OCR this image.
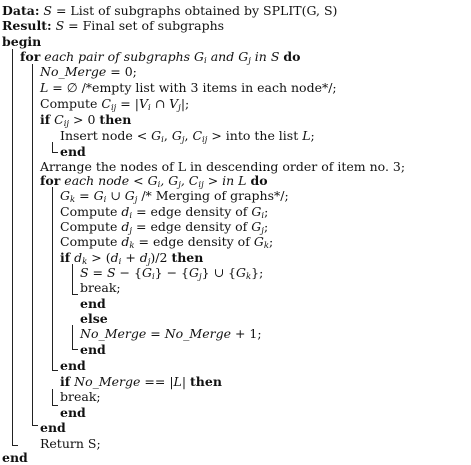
Data: S = List of subgraphs obtained by SPLIT(G, S)
Result: S = Final set of subgraphs
begin
for each pair of subgraphs $G_i$ and $G_j$ in S do
No_Merge = 0;
L = ∅ /*empty list with 3 items in each node*/;
Compute $C_{ij} = |V_i$ ∩ $V_j|$;
if $C_{ij} > 0$ then
Insert node < $G_i$, $G_j$, $C_{ij}$ > into the list L;
end
Arrange the nodes of L in descending order of item no. 3;
for each node < $G_i$, $G_j$, $C_{ij}$ > in L do
$G_k = G_i$ ∪ $G_j$ /* Merging of graphs*/;
Compute $d_i$ = edge density of $G_i$;
Compute $d_j$ = edge density of $G_j$;
Compute $d_k$ = edge density of $G_k$;
if $d_k > (d_i + d_j)/2$ then
$S = S - \{G_i\} - \{G_j\}$ ∪ $\{G_k\}$;
break;
end
else
No_Merge = No_Merge + 1;
end
end
if No_Merge == |L| then
break;
end
end
Return S;
end
